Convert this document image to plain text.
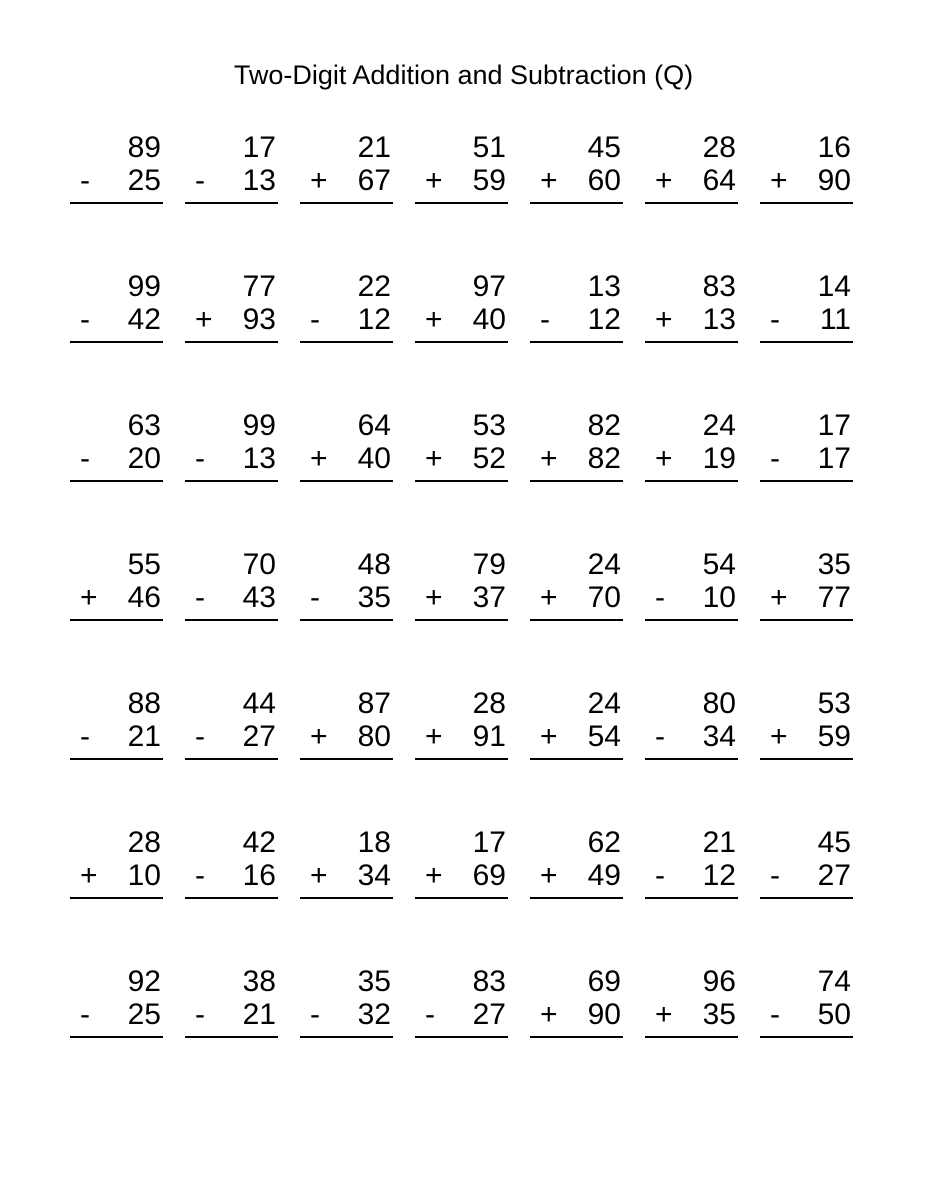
Two-Digit Addition and Subtraction (Q)
89
- 25
17
- 13
21
+ 67
51
+ 59
45
+ 60
28
+ 64
16
+ 90
99
- 42
77
+ 93
22
- 12
97
+ 40
13
- 12
83
+ 13
14
- 11
63
- 20
99
- 13
64
+ 40
53
+ 52
82
+ 82
24
+ 19
17
- 17
55
+ 46
70
- 43
48
- 35
79
+ 37
24
+ 70
54
- 10
35
+ 77
88
- 21
44
- 27
87
+ 80
28
+ 91
24
+ 54
80
- 34
53
+ 59
28
+ 10
42
- 16
18
+ 34
17
+ 69
62
+ 49
21
- 12
45
- 27
92
- 25
38
- 21
35
- 32
83
- 27
69
+ 90
96
+ 35
74
- 50
